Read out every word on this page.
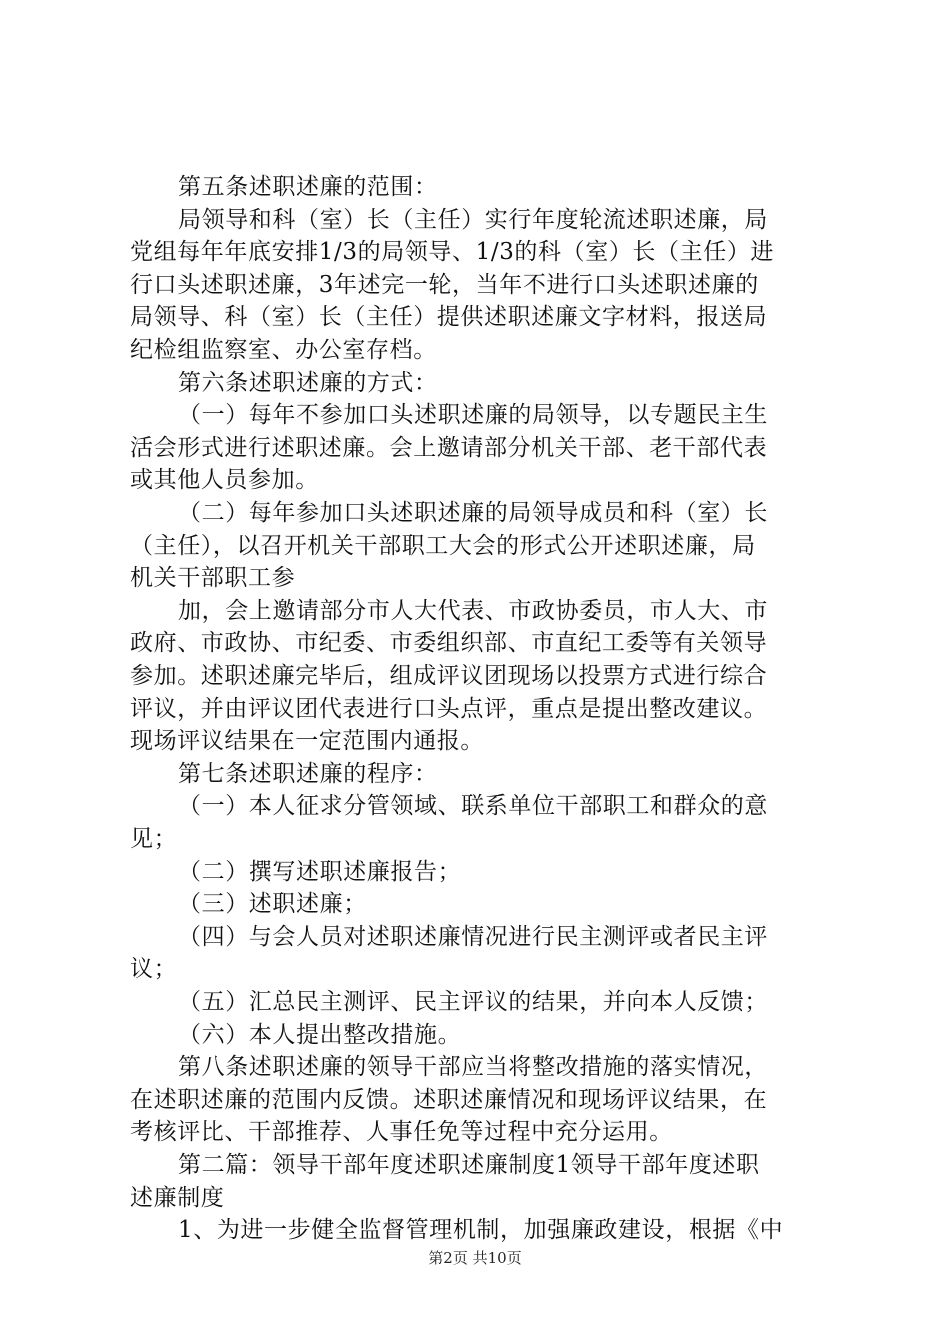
第五条述职述廉的范围：
局领导和科（室）长（主任）实行年度轮流述职述廉，局
党组每年年底安排1/3的局领导、1/3的科（室）长（主任）进
行口头述职述廉，3年述完一轮，当年不进行口头述职述廉的
局领导、科（室）长（主任）提供述职述廉文字材料，报送局
纪检组监察室、办公室存档。
第六条述职述廉的方式：
（一）每年不参加口头述职述廉的局领导，以专题民主生
活会形式进行述职述廉。会上邀请部分机关干部、老干部代表
或其他人员参加。
（二）每年参加口头述职述廉的局领导成员和科（室）长
（主任），以召开机关干部职工大会的形式公开述职述廉，局
机关干部职工参
加，会上邀请部分市人大代表、市政协委员，市人大、市
政府、市政协、市纪委、市委组织部、市直纪工委等有关领导
参加。述职述廉完毕后，组成评议团现场以投票方式进行综合
评议，并由评议团代表进行口头点评，重点是提出整改建议。
现场评议结果在一定范围内通报。
第七条述职述廉的程序：
（一）本人征求分管领域、联系单位干部职工和群众的意
见；
（二）撰写述职述廉报告；
（三）述职述廉；
（四）与会人员对述职述廉情况进行民主测评或者民主评
议；
（五）汇总民主测评、民主评议的结果，并向本人反馈；
（六）本人提出整改措施。
第八条述职述廉的领导干部应当将整改措施的落实情况，
在述职述廉的范围内反馈。述职述廉情况和现场评议结果，在
考核评比、干部推荐、人事任免等过程中充分运用。
第二篇：领导干部年度述职述廉制度1领导干部年度述职
述廉制度
1、为进一步健全监督管理机制，加强廉政建设，根据《中
第2页 共10页
